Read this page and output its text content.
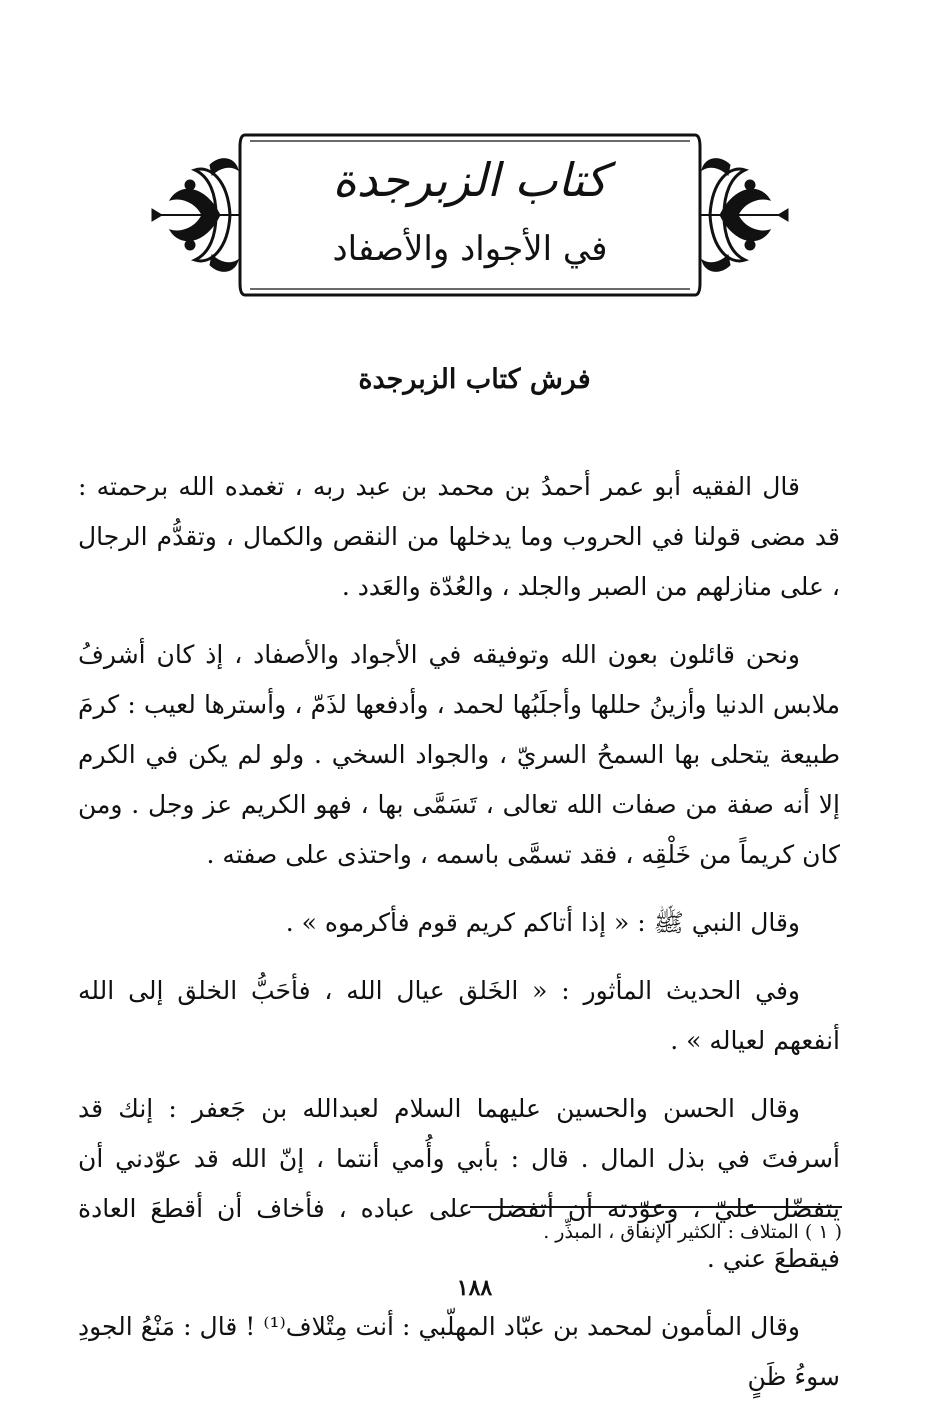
كتاب الزبرجدة
في الأجواد والأصفاد
فرش كتاب الزبرجدة

قال الفقيه أبو عمر أحمدُ بن محمد بن عبد ربه ، تغمده الله برحمته : قد مضى قولنا في الحروب وما يدخلها من النقص والكمال ، وتقدُّم الرجال ، على منازلهم من الصبر والجلد ، والعُدّة والعَدد .

ونحن قائلون بعون الله وتوفيقه في الأجواد والأصفاد ، إذ كان أشرفُ ملابس الدنيا وأزينُ حللها وأجلَبُها لحمد ، وأدفعها لذَمّ ، وأسترها لعيب : كرمَ طبيعة يتحلى بها السمحُ السريّ ، والجواد السخي . ولو لم يكن في الكرم إلا أنه صفة من صفات الله تعالى ، تَسَمَّى بها ، فهو الكريم عز وجل . ومن كان كريماً من خَلْقِه ، فقد تسمَّى باسمه ، واحتذى على صفته .

وقال النبي ﷺ : « إذا أتاكم كريم قوم فأكرموه » .

وفي الحديث المأثور : « الخَلق عيال الله ، فأحَبُّ الخلق إلى الله أنفعهم لعياله » .

وقال الحسن والحسين عليهما السلام لعبدالله بن جَعفر : إنك قد أسرفتَ في بذل المال . قال : بأبي وأُمي أنتما ، إنّ الله قد عوّدني أن يتفضّل عليّ ، وعوّدته أن أتفضل على عباده ، فأخاف أن أقطعَ العادة فيقطعَ عني .

وقال المأمون لمحمد بن عبّاد المهلّبي : أنت مِتْلاف⁽¹⁾ ! قال : مَنْعُ الجودِ سوءُ ظَنٍ

( ١ ) المتلاف : الكثير الإنفاق ، المبذِّر .
١٨٨
